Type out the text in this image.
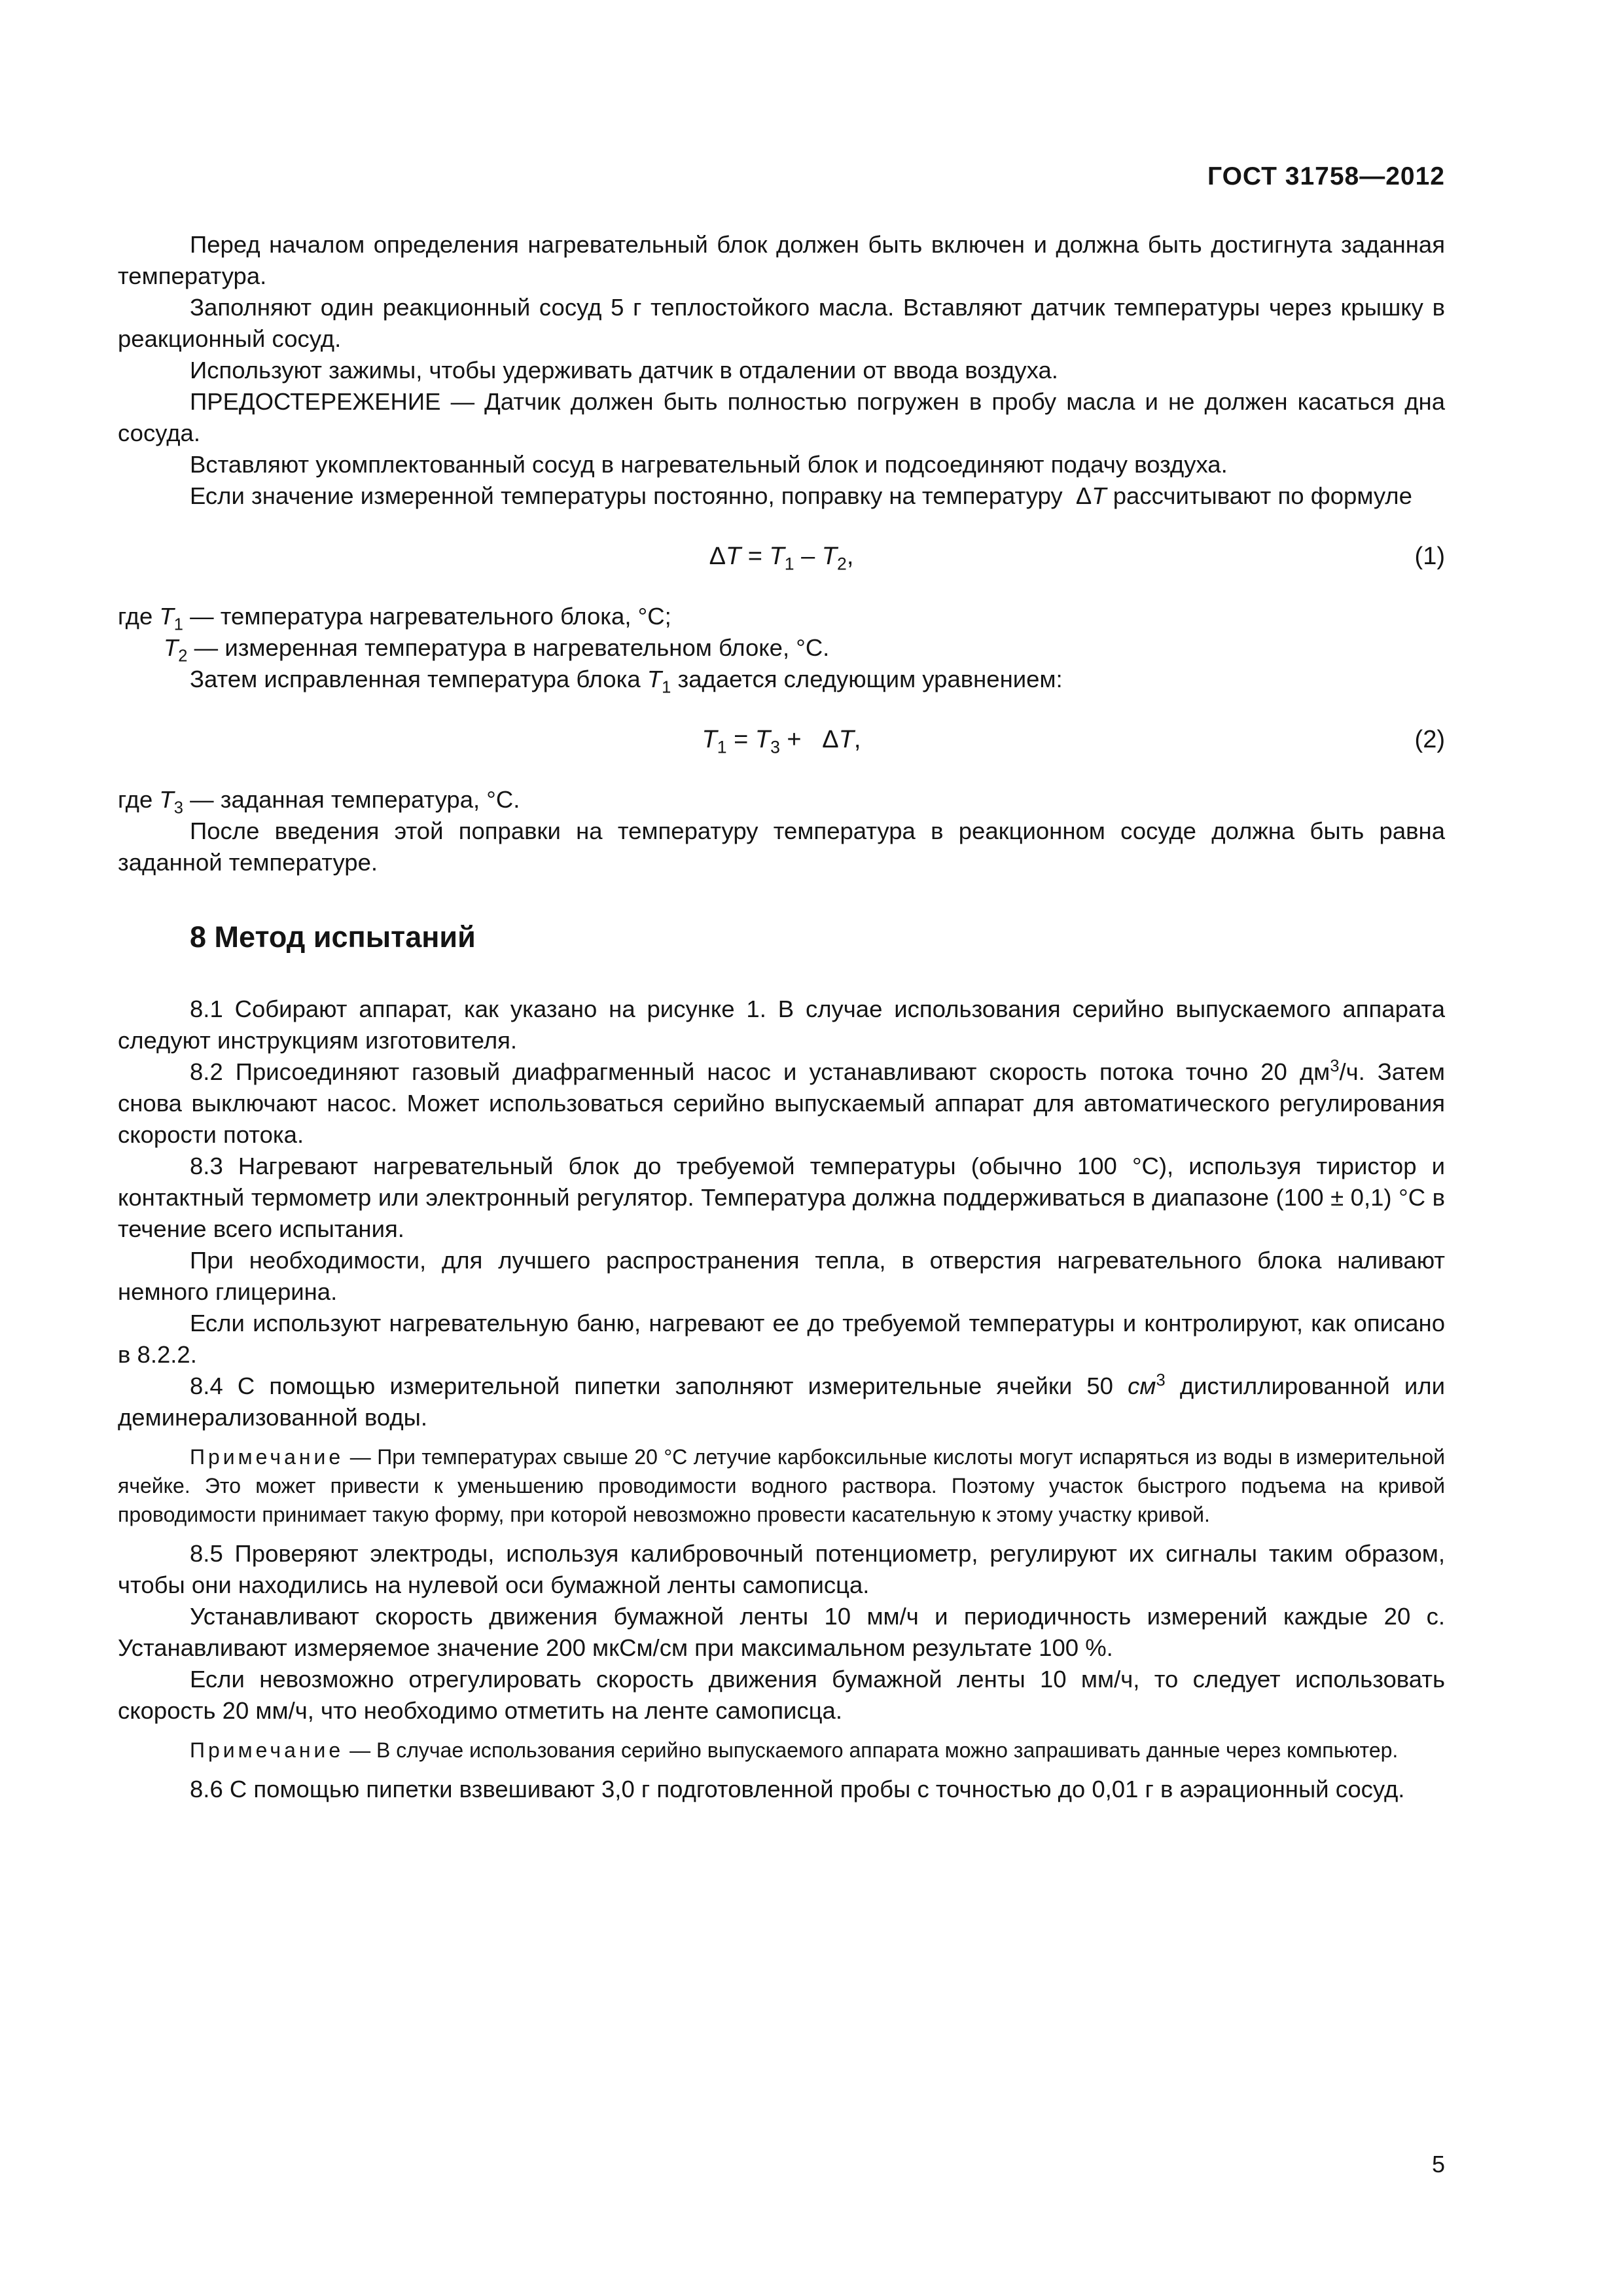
ГОСТ 31758—2012

Перед началом определения нагревательный блок должен быть включен и должна быть достигнута заданная температура.

Заполняют один реакционный сосуд 5 г теплостойкого масла. Вставляют датчик температуры через крышку в реакционный сосуд.

Используют зажимы, чтобы удерживать датчик в отдалении от ввода воздуха.

ПРЕДОСТЕРЕЖЕНИЕ — Датчик должен быть полностью погружен в пробу масла и не должен касаться дна сосуда.

Вставляют укомплектованный сосуд в нагревательный блок и подсоединяют подачу воздуха.

Если значение измеренной температуры постоянно, поправку на температуру  ΔT рассчитывают по формуле

$\Delta T = T_1 - T_2$,	(1)

где $T_1$ — температура нагревательного блока, °С;

$T_2$ — измеренная температура в нагревательном блоке, °С.

Затем исправленная температура блока $T_1$ задается следующим уравнением:

$T_1 = T_3 + \Delta T$,	(2)

где $T_3$ — заданная температура, °С.

После введения этой поправки на температуру температура в реакционном сосуде должна быть равна заданной температуре.

8 Метод испытаний

8.1 Собирают аппарат, как указано на рисунке 1. В случае использования серийно выпускаемого аппарата следуют инструкциям изготовителя.

8.2 Присоединяют газовый диафрагменный насос и устанавливают скорость потока точно 20 $дм^3/ч$. Затем снова выключают насос. Может использоваться серийно выпускаемый аппарат для автоматического регулирования скорости потока.

8.3 Нагревают нагревательный блок до требуемой температуры (обычно 100 °С), используя тиристор и контактный термометр или электронный регулятор. Температура должна поддерживаться в диапазоне (100 ± 0,1) °С в течение всего испытания.

При необходимости, для лучшего распространения тепла, в отверстия нагревательного блока наливают немного глицерина.

Если используют нагревательную баню, нагревают ее до требуемой температуры и контролируют, как описано в 8.2.2.

8.4 С помощью измерительной пипетки заполняют измерительные ячейки 50 $см^3$ дистиллированной или деминерализованной воды.

Примечание — При температурах свыше 20 °С летучие карбоксильные кислоты могут испаряться из воды в измерительной ячейке. Это может привести к уменьшению проводимости водного раствора. Поэтому участок быстрого подъема на кривой проводимости принимает такую форму, при которой невозможно провести касательную к этому участку кривой.

8.5 Проверяют электроды, используя калибровочный потенциометр, регулируют их сигналы таким образом, чтобы они находились на нулевой оси бумажной ленты самописца.

Устанавливают скорость движения бумажной ленты 10 мм/ч и периодичность измерений каждые 20 с. Устанавливают измеряемое значение 200 мкСм/см при максимальном результате 100 %.

Если невозможно отрегулировать скорость движения бумажной ленты 10 мм/ч, то следует использовать скорость 20 мм/ч, что необходимо отметить на ленте самописца.

Примечание — В случае использования серийно выпускаемого аппарата можно запрашивать данные через компьютер.

8.6 С помощью пипетки взвешивают 3,0 г подготовленной пробы с точностью до 0,01 г в аэрационный сосуд.

5
